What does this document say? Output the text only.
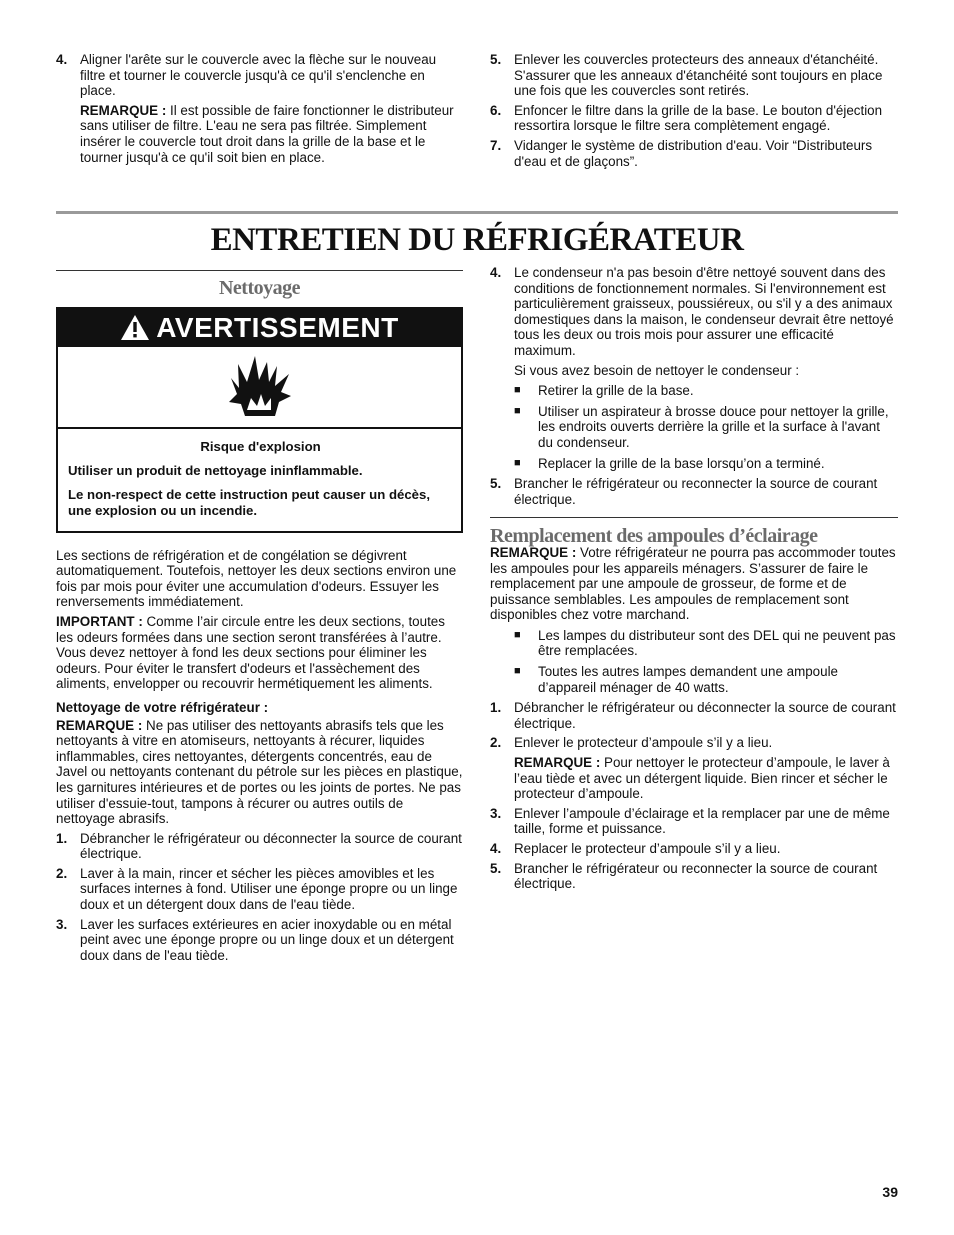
4. Aligner l'arête sur le couvercle avec la flèche sur le nouveau filtre et tourner le couvercle jusqu'à ce qu'il s'enclenche en place.
REMARQUE : Il est possible de faire fonctionner le distributeur sans utiliser de filtre. L'eau ne sera pas filtrée. Simplement insérer le couvercle tout droit dans la grille de la base et le tourner jusqu'à ce qu'il soit bien en place.
5. Enlever les couvercles protecteurs des anneaux d'étanchéité. S'assurer que les anneaux d'étanchéité sont toujours en place une fois que les couvercles sont retirés.
6. Enfoncer le filtre dans la grille de la base. Le bouton d'éjection ressortira lorsque le filtre sera complètement engagé.
7. Vidanger le système de distribution d'eau. Voir “Distributeurs d'eau et de glaçons”.
ENTRETIEN DU RÉFRIGÉRATEUR
Nettoyage
AVERTISSEMENT
Risque d'explosion

Utiliser un produit de nettoyage ininflammable.

Le non-respect de cette instruction peut causer un décès, une explosion ou un incendie.

Les sections de réfrigération et de congélation se dégivrent automatiquement. Toutefois, nettoyer les deux sections environ une fois par mois pour éviter une accumulation d'odeurs. Essuyer les renversements immédiatement.

IMPORTANT : Comme l’air circule entre les deux sections, toutes les odeurs formées dans une section seront transférées à l’autre. Vous devez nettoyer à fond les deux sections pour éliminer les odeurs. Pour éviter le transfert d'odeurs et l'assèchement des aliments, envelopper ou recouvrir hermétiquement les aliments.

Nettoyage de votre réfrigérateur :

REMARQUE : Ne pas utiliser des nettoyants abrasifs tels que les nettoyants à vitre en atomiseurs, nettoyants à récurer, liquides inflammables, cires nettoyantes, détergents concentrés, eau de Javel ou nettoyants contenant du pétrole sur les pièces en plastique, les garnitures intérieures et de portes ou les joints de portes. Ne pas utiliser d'essuie-tout, tampons à récurer ou autres outils de nettoyage abrasifs.

1. Débrancher le réfrigérateur ou déconnecter la source de courant électrique.
2. Laver à la main, rincer et sécher les pièces amovibles et les surfaces internes à fond. Utiliser une éponge propre ou un linge doux et un détergent doux dans de l'eau tiède.
3. Laver les surfaces extérieures en acier inoxydable ou en métal peint avec une éponge propre ou un linge doux et un détergent doux dans de l'eau tiède.
4. Le condenseur n'a pas besoin d'être nettoyé souvent dans des conditions de fonctionnement normales. Si l'environnement est particulièrement graisseux, poussiéreux, ou s'il y a des animaux domestiques dans la maison, le condenseur devrait être nettoyé tous les deux ou trois mois pour assurer une efficacité maximum.
Si vous avez besoin de nettoyer le condenseur :
■ Retirer la grille de la base.
■ Utiliser un aspirateur à brosse douce pour nettoyer la grille, les endroits ouverts derrière la grille et la surface à l'avant du condenseur.
■ Replacer la grille de la base lorsqu’on a terminé.
5. Brancher le réfrigérateur ou reconnecter la source de courant électrique.
Remplacement des ampoules d’éclairage

REMARQUE : Votre réfrigérateur ne pourra pas accommoder toutes les ampoules pour les appareils ménagers. S’assurer de faire le remplacement par une ampoule de grosseur, de forme et de puissance semblables. Les ampoules de remplacement sont disponibles chez votre marchand.

■ Les lampes du distributeur sont des DEL qui ne peuvent pas être remplacées.
■ Toutes les autres lampes demandent une ampoule d’appareil ménager de 40 watts.
1. Débrancher le réfrigérateur ou déconnecter la source de courant électrique.
2. Enlever le protecteur d’ampoule s’il y a lieu.
REMARQUE : Pour nettoyer le protecteur d’ampoule, le laver à l’eau tiède et avec un détergent liquide. Bien rincer et sécher le protecteur d’ampoule.
3. Enlever l’ampoule d’éclairage et la remplacer par une de même taille, forme et puissance.
4. Replacer le protecteur d’ampoule s’il y a lieu.
5. Brancher le réfrigérateur ou reconnecter la source de courant électrique.
39
